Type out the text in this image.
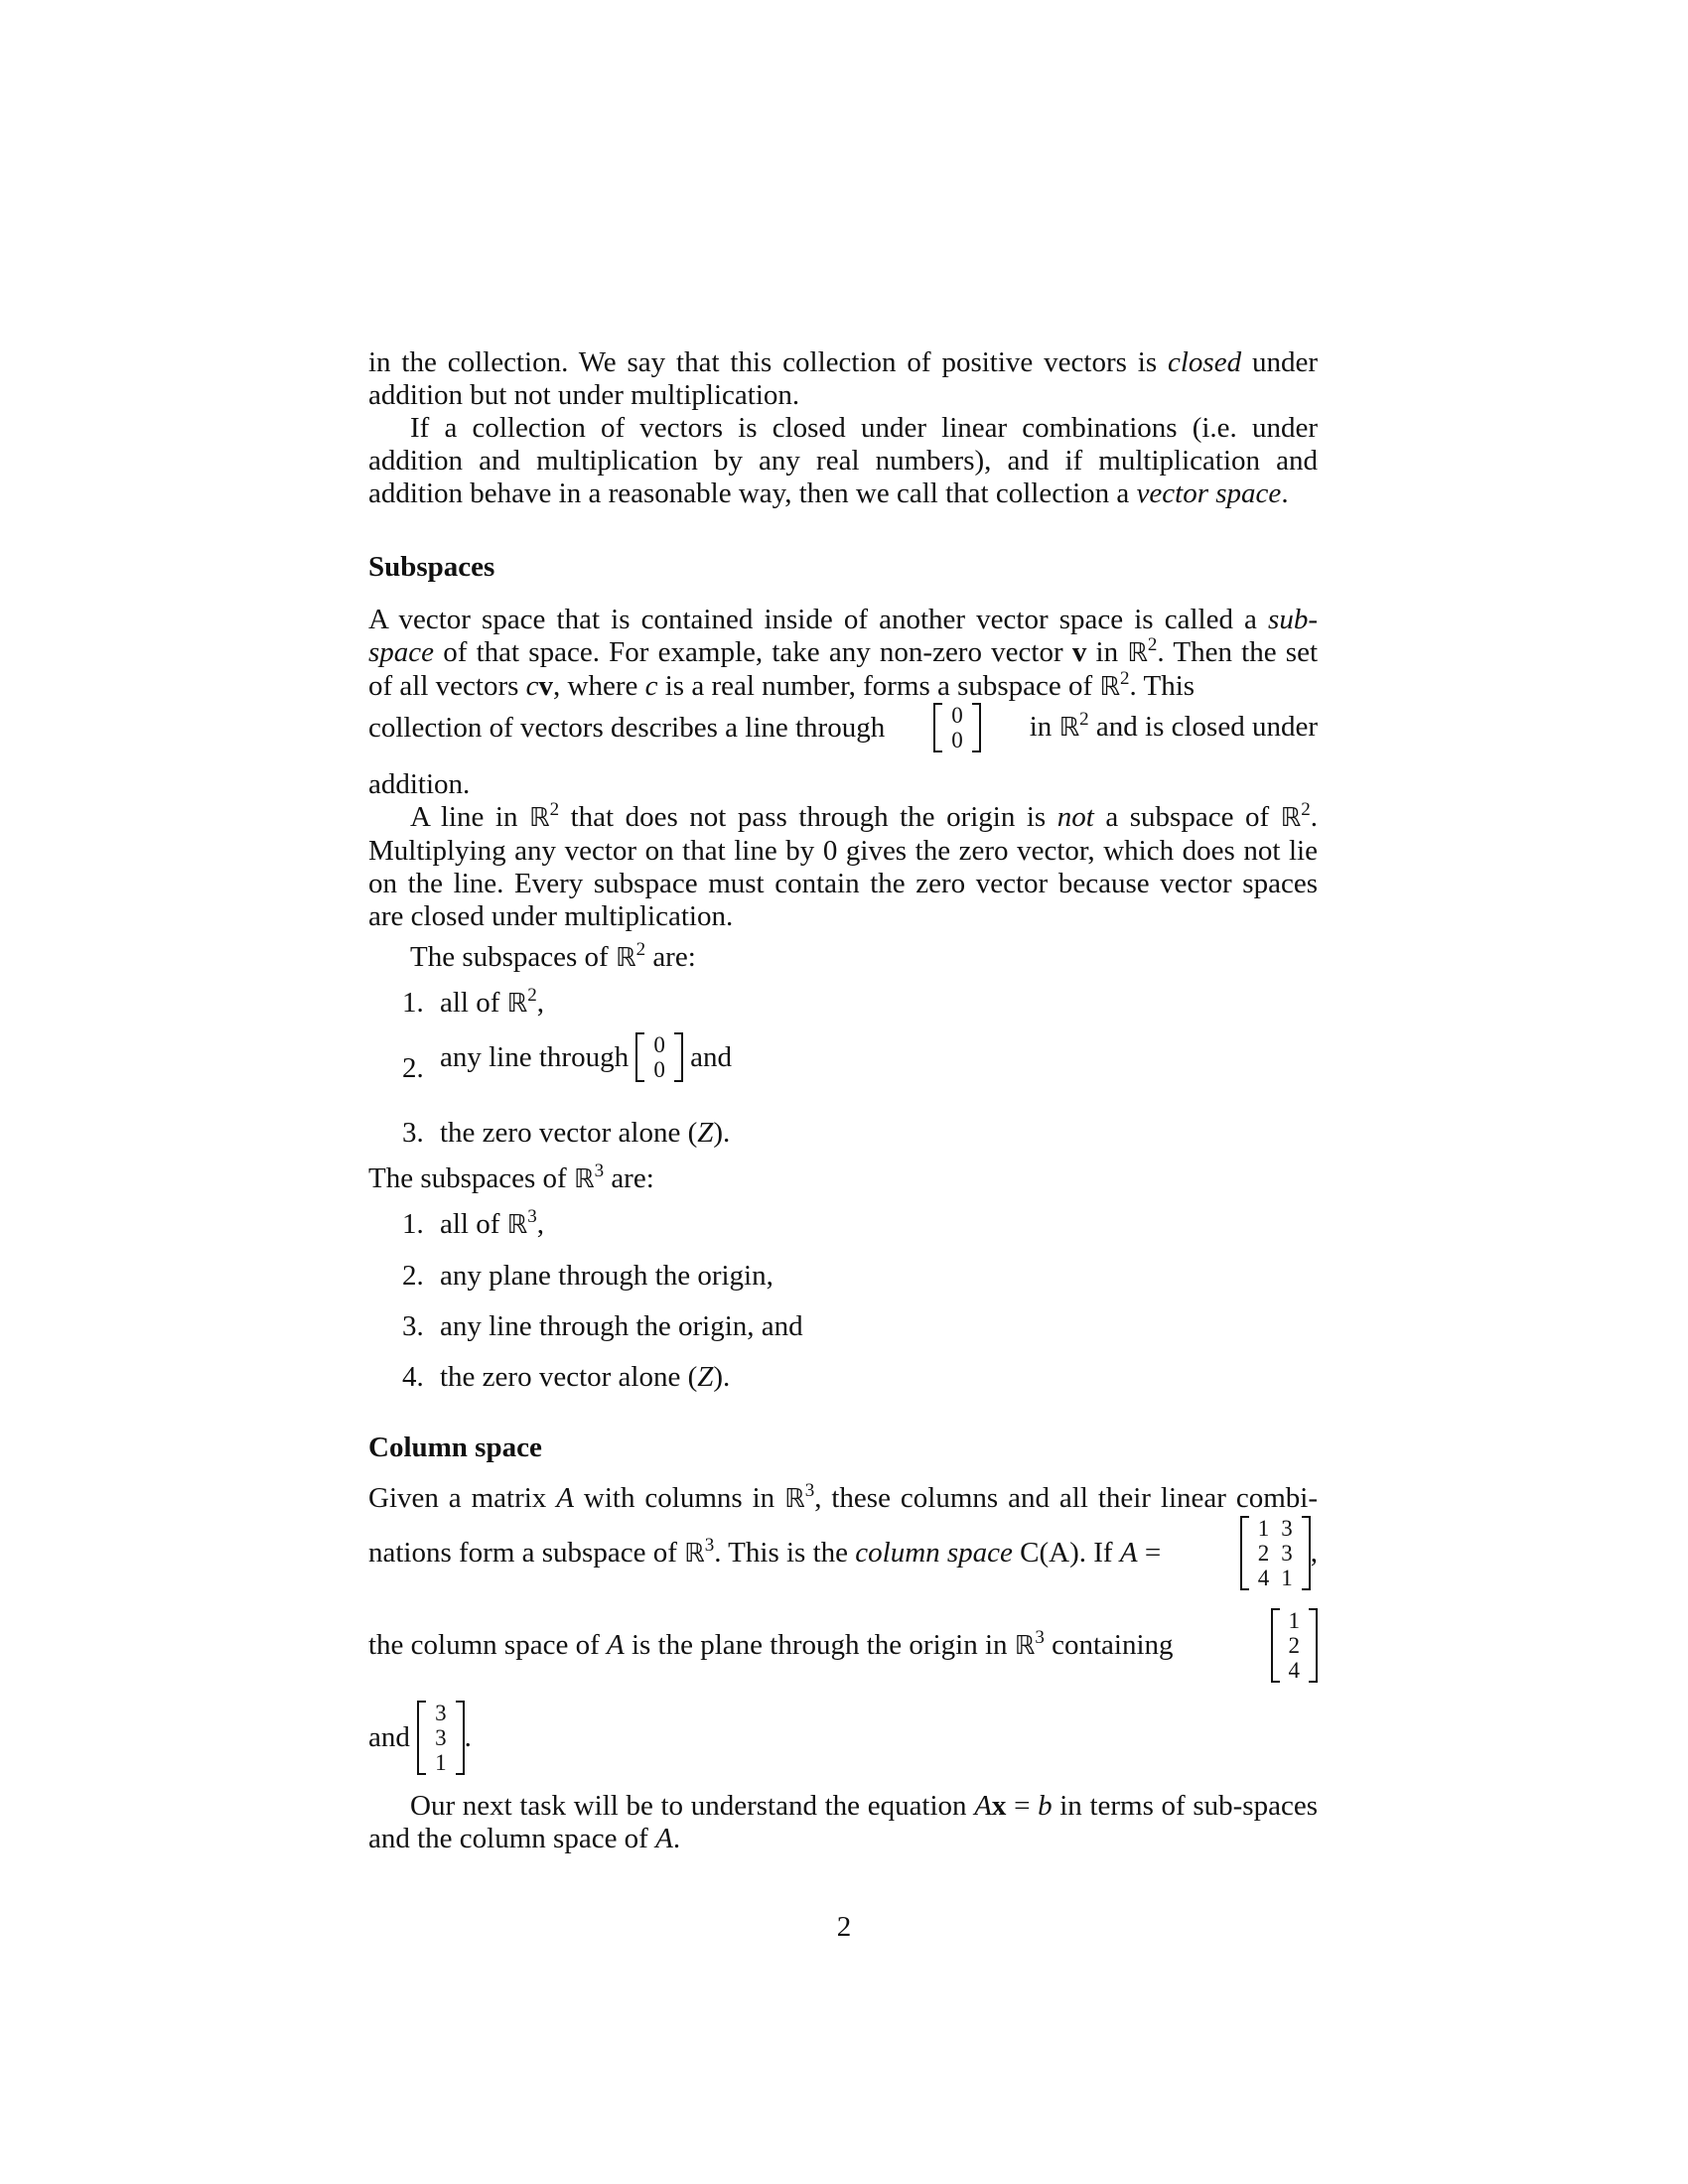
in the collection. We say that this collection of positive vectors is closed under addition but not under multiplication.

If a collection of vectors is closed under linear combinations (i.e. under addition and multiplication by any real numbers), and if multiplication and addition behave in a reasonable way, then we call that collection a vector space.

Subspaces

A vector space that is contained inside of another vector space is called a sub-space of that space. For example, take any non-zero vector v in ℝ$^2$. Then the set of all vectors cv, where c is a real number, forms a subspace of ℝ$^2$. This

collection of vectors describes a line through	0
0 in ℝ$^2$ and is closed under

addition.

A line in ℝ$^2$ that does not pass through the origin is not a subspace of ℝ$^2$. Multiplying any vector on that line by 0 gives the zero vector, which does not lie on the line. Every subspace must contain the zero vector because vector spaces are closed under multiplication.

The subspaces of ℝ$^2$ are:

1. all of ℝ$^2$,
2. any line through
0
0
and
3. the zero vector alone (Z).

The subspaces of ℝ$^3$ are:

1. all of ℝ$^3$,
2. any plane through the origin,
3. any line through the origin, and
4. the zero vector alone (Z).

Column space

Given a matrix A with columns in ℝ$^3$, these columns and all their linear combi-
nations form a subspace of ℝ$^3$. This is the column space C(A). If A =
1	3
2	3
4	1
,
the column space of A is the plane through the origin in ℝ$^3$ containing
1
2
4
and

3
3
1
.

Our next task will be to understand the equation Ax = b in terms of sub-spaces and the column space of A.

2
